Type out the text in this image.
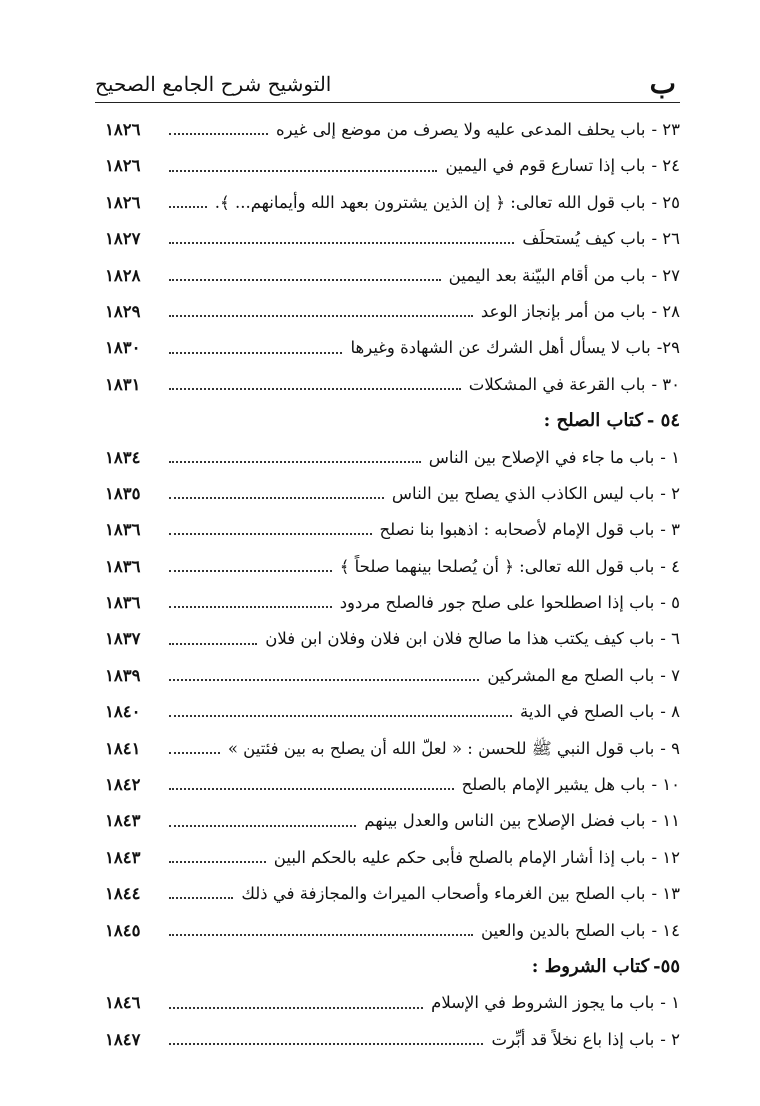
ب
التوشيح شرح الجامع الصحيح
٢٣ -
باب يحلف المدعى عليه ولا يصرف من موضع إلى غيره
١٨٢٦
٢٤ -
باب إذا تسارع قوم في اليمين
١٨٢٦
٢٥ -
باب قول الله تعالى: ﴿ إن الذين يشترون بعهد الله وأيمانهم... ﴾.
١٨٢٦
٢٦ -
باب كيف يُستحلَف
١٨٢٧
٢٧ -
باب من أقام البيّنة بعد اليمين
١٨٢٨
٢٨ -
باب من أمر بإنجاز الوعد
١٨٢٩
٢٩-
باب لا يسأل أهل الشرك عن الشهادة وغيرها
١٨٣٠
٣٠ -
باب القرعة في المشكلات
١٨٣١
٥٤ -كتاب الصلح :
١ -
باب ما جاء في الإصلاح بين الناس
١٨٣٤
٢ -
باب ليس الكاذب الذي يصلح بين الناس
١٨٣٥
٣ -
باب قول الإمام لأصحابه : اذهبوا بنا نصلح
١٨٣٦
٤ -
باب قول الله تعالى: ﴿ أن يُصلحا بينهما صلحاً ﴾
١٨٣٦
٥ -
باب إذا اصطلحوا على صلح جور فالصلح مردود
١٨٣٦
٦ -
باب كيف يكتب هذا ما صالح فلان ابن فلان وفلان ابن فلان
١٨٣٧
٧ -
باب الصلح مع المشركين
١٨٣٩
٨ -
باب الصلح في الدية
١٨٤٠
٩ -
باب قول النبي ﷺ للحسن : « لعلّ الله أن يصلح به بين فئتين »
١٨٤١
١٠ -
باب هل يشير الإمام بالصلح
١٨٤٢
١١ -
باب فضل الإصلاح بين الناس والعدل بينهم
١٨٤٣
١٢ -
باب إذا أشار الإمام بالصلح فأبى حكم عليه بالحكم البين
١٨٤٣
١٣ -
باب الصلح بين الغرماء وأصحاب الميراث والمجازفة في ذلك
١٨٤٤
١٤ -
باب الصلح بالدين والعين
١٨٤٥
٥٥-كتاب الشروط :
١ -
باب ما يجوز الشروط في الإسلام
١٨٤٦
٢ -
باب إذا باع نخلاً قد أبِّرت
١٨٤٧
